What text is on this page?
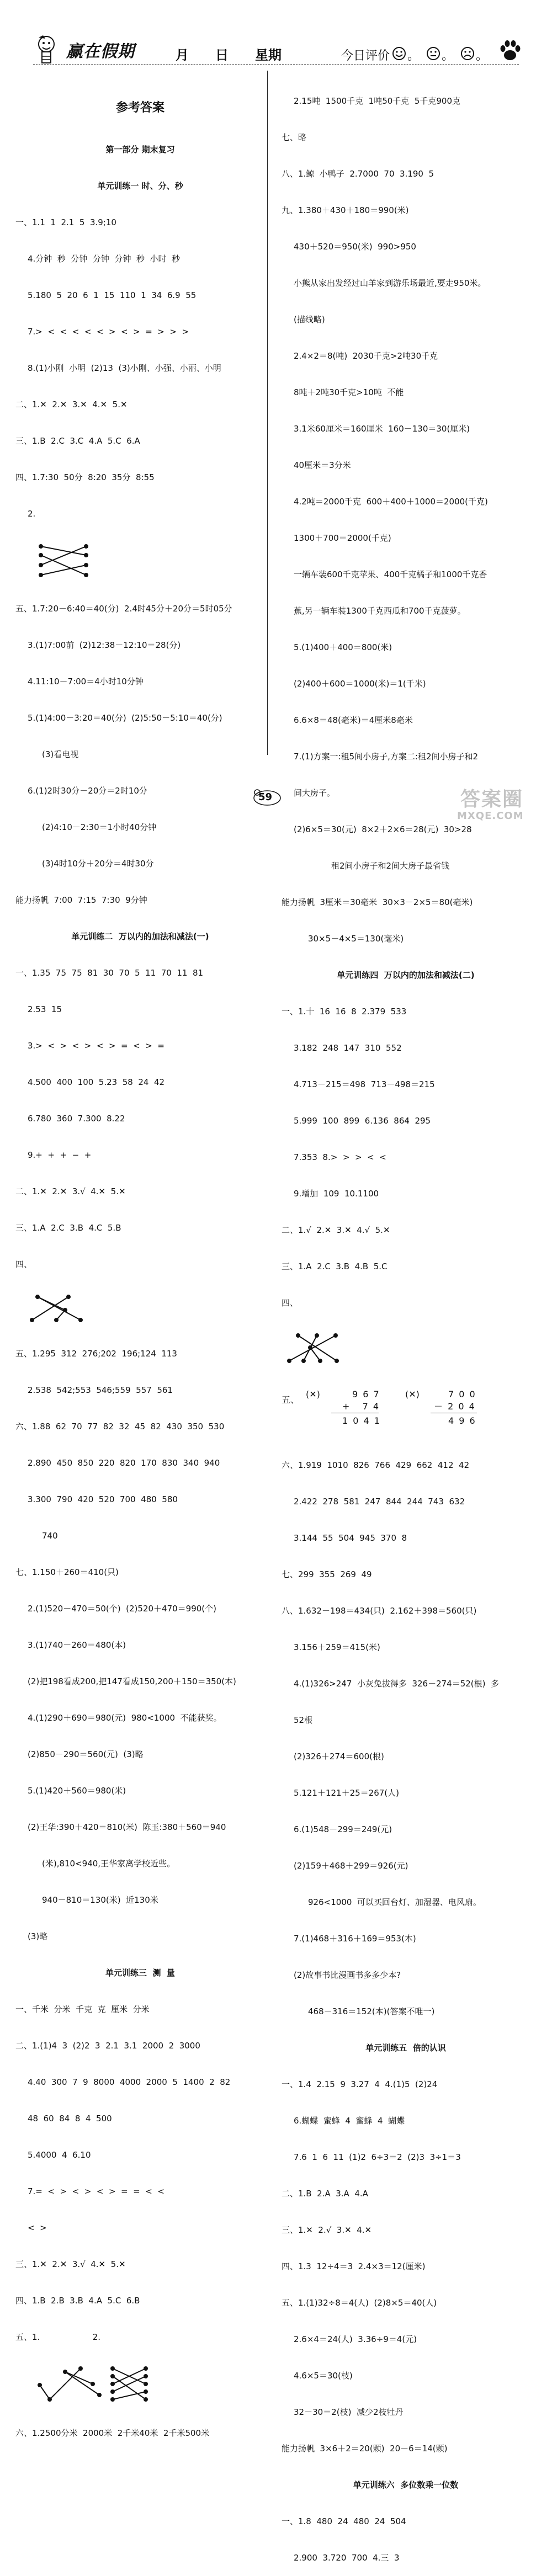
赢在假期	月 日 星期	今日评价 。 。 。

参考答案

第一部分 期末复习

单元训练一 时、分、秒

一、1.1  1  2.1  5  3.9;10

4.分钟  秒  分钟  分钟  分钟  秒  小时  秒

5.180  5  20  6  1  15  110  1  34  6.9  55

7.>  <  <  <  <  <  >  <  >  =  >  >  >

8.(1)小刚  小明  (2)13  (3)小刚、小强、小丽、小明

二、1.✕  2.✕  3.✕  4.✕  5.✕

三、1.B  2.C  3.C  4.A  5.C  6.A

四、1.7:30  50分  8:20  35分  8:55

2.

五、1.7:20－6:40＝40(分)  2.4时45分＋20分＝5时05分

3.(1)7:00前  (2)12:38－12:10＝28(分)

4.11:10－7:00＝4小时10分钟

5.(1)4:00－3:20＝40(分)  (2)5:50－5:10＝40(分)

(3)看电视

6.(1)2时30分－20分＝2时10分

(2)4:10－2:30＝1小时40分钟

(3)4时10分＋20分＝4时30分

能力扬帆  7:00  7:15  7:30  9分钟

单元训练二  万以内的加法和减法(一)

一、1.35  75  75  81  30  70  5  11  70  11  81

2.53  15

3.>  <  >  <  >  <  >  =  <  >  =

4.500  400  100  5.23  58  24  42

6.780  360  7.300  8.22

9.+  +  +  −  +

二、1.✕  2.✕  3.√  4.✕  5.✕

三、1.A  2.C  3.B  4.C  5.B

四、

五、1.295  312  276;202  196;124  113

2.538  542;553  546;559  557  561

六、1.88  62  70  77  82  32  45  82  430  350  530

2.890  450  850  220  820  170  830  340  940

3.300  790  420  520  700  480  580

740

七、1.150＋260＝410(只)

2.(1)520－470＝50(个)  (2)520＋470＝990(个)

3.(1)740－260＝480(本)

(2)把198看成200,把147看成150,200＋150＝350(本)

4.(1)290＋690＝980(元)  980<1000  不能获奖。

(2)850－290＝560(元)  (3)略

5.(1)420＋560＝980(米)

(2)王华:390＋420＝810(米)  陈玉:380＋560＝940

(米),810<940,王华家离学校近些。

940－810＝130(米)  近130米

(3)略

单元训练三  测  量

一、千米  分米  千克  克  厘米  分米

二、1.(1)4  3  (2)2  3  2.1  3.1  2000  2  3000

4.40  300  7  9  8000  4000  2000  5  1400  2  82

48  60  84  8  4  500

5.4000  4  6.10

7.=  <  >  <  >  <  >  =  =  <  <

<  >

三、1.✕  2.✕  3.√  4.✕  5.✕

四、1.B  2.B  3.B  4.A  5.C  6.B

五、1.                    2.

六、1.2500分米  2000米  2千米40米  2千米500米

2.15吨  1500千克  1吨50千克  5千克900克

七、略

八、1.鲸  小鸭子  2.7000  70  3.190  5

九、1.380＋430＋180＝990(米)

430＋520＝950(米)  990>950

小熊从家出发经过山羊家到游乐场最近,要走950米。

(描线略)

2.4×2＝8(吨)  2030千克>2吨30千克

8吨＋2吨30千克>10吨  不能

3.1米60厘米＝160厘米  160－130＝30(厘米)

40厘米＝3分米

4.2吨＝2000千克  600＋400＋1000＝2000(千克)

1300＋700＝2000(千克)

一辆车装600千克苹果、400千克橘子和1000千克香

蕉,另一辆车装1300千克西瓜和700千克菠萝。

5.(1)400＋400＝800(米)

(2)400＋600＝1000(米)＝1(千米)

6.6×8＝48(毫米)＝4厘米8毫米

7.(1)方案一:租5间小房子,方案二:租2间小房子和2

间大房子。

(2)6×5＝30(元)  8×2＋2×6＝28(元)  30>28

租2间小房子和2间大房子最省钱

能力扬帆  3厘米＝30毫米  30×3－2×5＝80(毫米)

30×5－4×5＝130(毫米)

单元训练四  万以内的加法和减法(二)

一、1.十  16  16  8  2.379  533

3.182  248  147  310  552

4.713－215＝498  713－498＝215

5.999  100  899  6.136  864  295

7.353  8.>  >  >  <  <

9.增加  109  10.1100

二、1.√  2.✕  3.✕  4.√  5.✕

三、1.A  2.C  3.B  4.B  5.C

四、

五、

(✕)

	9 6 7

+   7 4

1 0 4 1

(✕)

	7 0 0

－ 2 0 4

4 9 6

六、1.919  1010  826  766  429  662  412  42

2.422  278  581  247  844  244  743  632

3.144  55  504  945  370  8

七、299  355  269  49

八、1.632－198＝434(只)  2.162＋398＝560(只)

3.156＋259＝415(米)

4.(1)326>247  小灰兔拔得多  326－274＝52(根)  多

52根

(2)326＋274＝600(根)

5.121＋121＋25＝267(人)

6.(1)548－299＝249(元)

(2)159＋468＋299＝926(元)

926<1000  可以买回台灯、加湿器、电风扇。

7.(1)468＋316＋169＝953(本)

(2)故事书比漫画书多多少本?

468－316＝152(本)(答案不唯一)

单元训练五  倍的认识

一、1.4  2.15  9  3.27  4  4.(1)5  (2)24

6.蝴蝶  蜜蜂  4  蜜蜂  4  蝴蝶

7.6  1  6  11  (1)2  6÷3＝2  (2)3  3÷1＝3

二、1.B  2.A  3.A  4.A

三、1.✕  2.√  3.✕  4.✕

四、1.3  12÷4＝3  2.4×3＝12(厘米)

五、1.(1)32÷8＝4(人)  (2)8×5＝40(人)

2.6×4＝24(人)  3.36÷9＝4(元)

4.6×5＝30(枝)

32－30＝2(枝)  减少2枝牡丹

能力扬帆  3×6＋2＝20(颗)  20－6＝14(颗)

单元训练六  多位数乘一位数

一、1.8  480  24  480  24  504

2.900  3.720  700  4.三  3

59	答案圈
MXQE.COM
